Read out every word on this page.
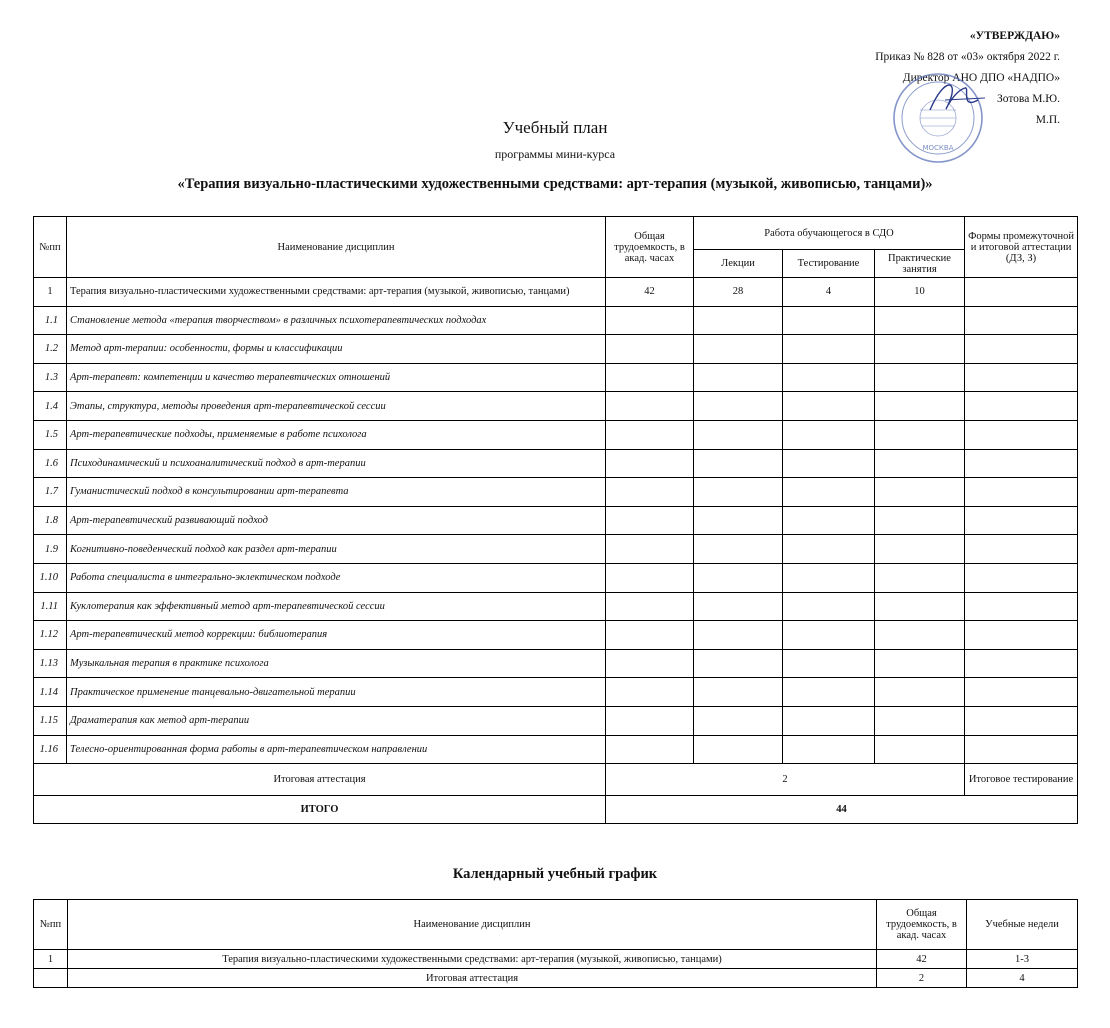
«УТВЕРЖДАЮ»
Приказ № 828 от «03» октября 2022 г.
Директор АНО ДПО «НАДПО»
Зотова М.Ю.
М.П.
МОСКВА
Учебный план
программы мини-курса
«Терапия визуально-пластическими художественными средствами: арт-терапия (музыкой, живописью, танцами)»
№пп	Наименование дисциплин	Общая трудоемкость, в акад. часах	Работа обучающегося в СДО			Формы промежуточной и итоговой аттестации (ДЗ, З)
			Лекции	Тестирование	Практические занятия	
1	Терапия визуально-пластическими художественными средствами: арт-терапия (музыкой, живописью, танцами)	42	28	4	10	
1.1	Становление метода «терапия творчеством» в различных психотерапевтических подходах					
1.2	Метод арт-терапии: особенности, формы и классификации					
1.3	Арт-терапевт: компетенции и качество терапевтических отношений					
1.4	Этапы, структура, методы проведения арт-терапевтической сессии					
1.5	Арт-терапевтические подходы, применяемые в работе психолога					
1.6	Психодинамический и психоаналитический подход в арт-терапии					
1.7	Гуманистический подход в консультировании арт-терапевта					
1.8	Арт-терапевтический развивающий подход					
1.9	Когнитивно-поведенческий подход как раздел арт-терапии					
1.10	Работа специалиста в интегрально-эклектическом подходе					
1.11	Куклотерапия как эффективный метод арт-терапевтической сессии					
1.12	Арт-терапевтический метод коррекции: библиотерапия					
1.13	Музыкальная терапия в практике психолога					
1.14	Практическое применение танцевально-двигательной терапии					
1.15	Драматерапия как метод арт-терапии					
1.16	Телесно-ориентированная форма работы в арт-терапевтическом направлении					
Итоговая аттестация		2				Итоговое тестирование
ИТОГО		44				
Календарный учебный график
№пп	Наименование дисциплин	Общая трудоемкость, в акад. часах	Учебные недели
1	Терапия визуально-пластическими художественными средствами: арт-терапия (музыкой, живописью, танцами)	42	1-3
	Итоговая аттестация	2	4
